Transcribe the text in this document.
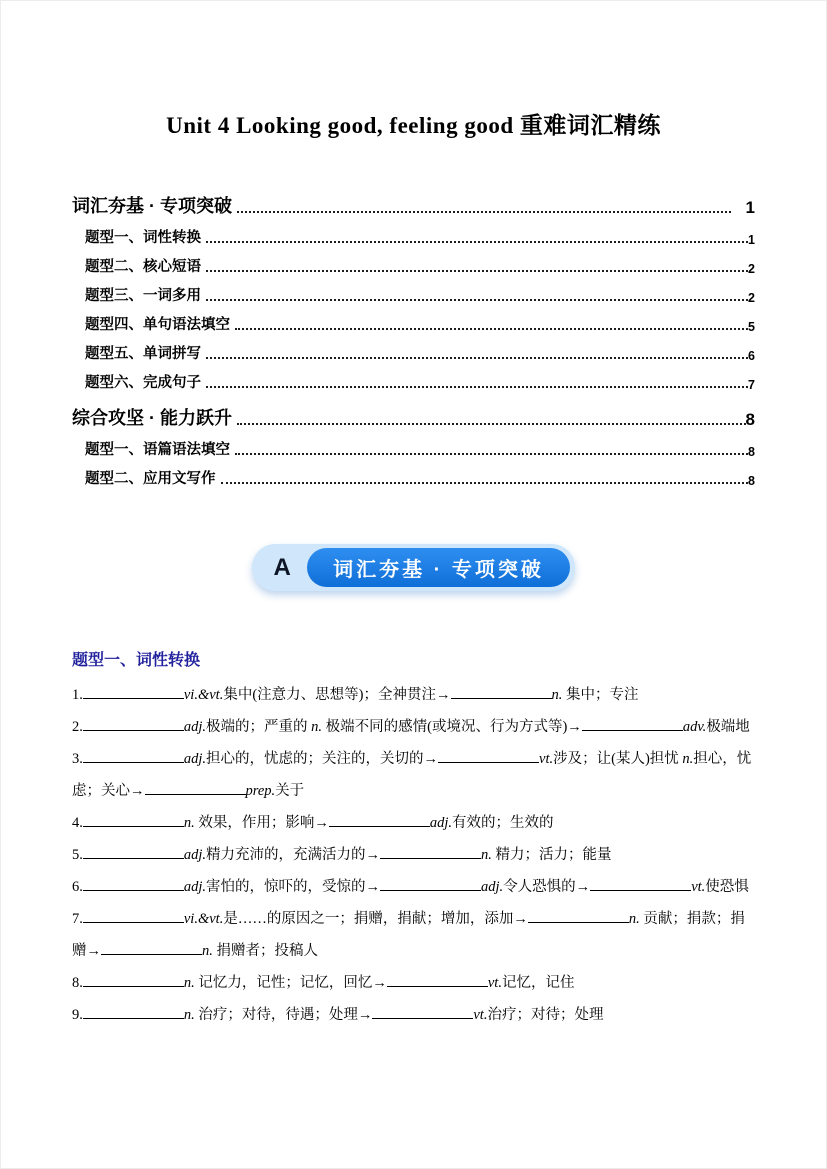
Unit 4 Looking good, feeling good 重难词汇精练
词汇夯基 · 专项突破	1
题型一、词性转换	1
题型二、核心短语	2
题型三、一词多用	2
题型四、单句语法填空	5
题型五、单词拼写	6
题型六、完成句子	7
综合攻坚 · 能力跃升	8
题型一、语篇语法填空	8
题型二、应用文写作	8
A	词汇夯基 · 专项突破
题型一、词性转换

1.	vi.&vt.集中(注意力、思想等)；全神贯注→	n. 集中；专注

2.	adj.极端的；严重的 n. 极端不同的感情(或境况、行为方式等)→	adv.极端地

3.	adj.担心的，忧虑的；关注的，关切的→	vt.涉及；让(某人)担忧 n.担心，忧虑；关心→	prep.关于

4.	n. 效果，作用；影响→	adj.有效的；生效的

5.	adj.精力充沛的，充满活力的→	n. 精力；活力；能量

6.	adj.害怕的，惊吓的，受惊的→	adj.令人恐惧的→	vt.使恐惧

7.	vi.&vt.是……的原因之一；捐赠，捐献；增加，添加→	n. 贡献；捐款；捐赠→	n. 捐赠者；投稿人

8.	n. 记忆力，记性；记忆，回忆→	vt.记忆，记住

9.	n. 治疗；对待，待遇；处理→	vt.治疗；对待；处理
